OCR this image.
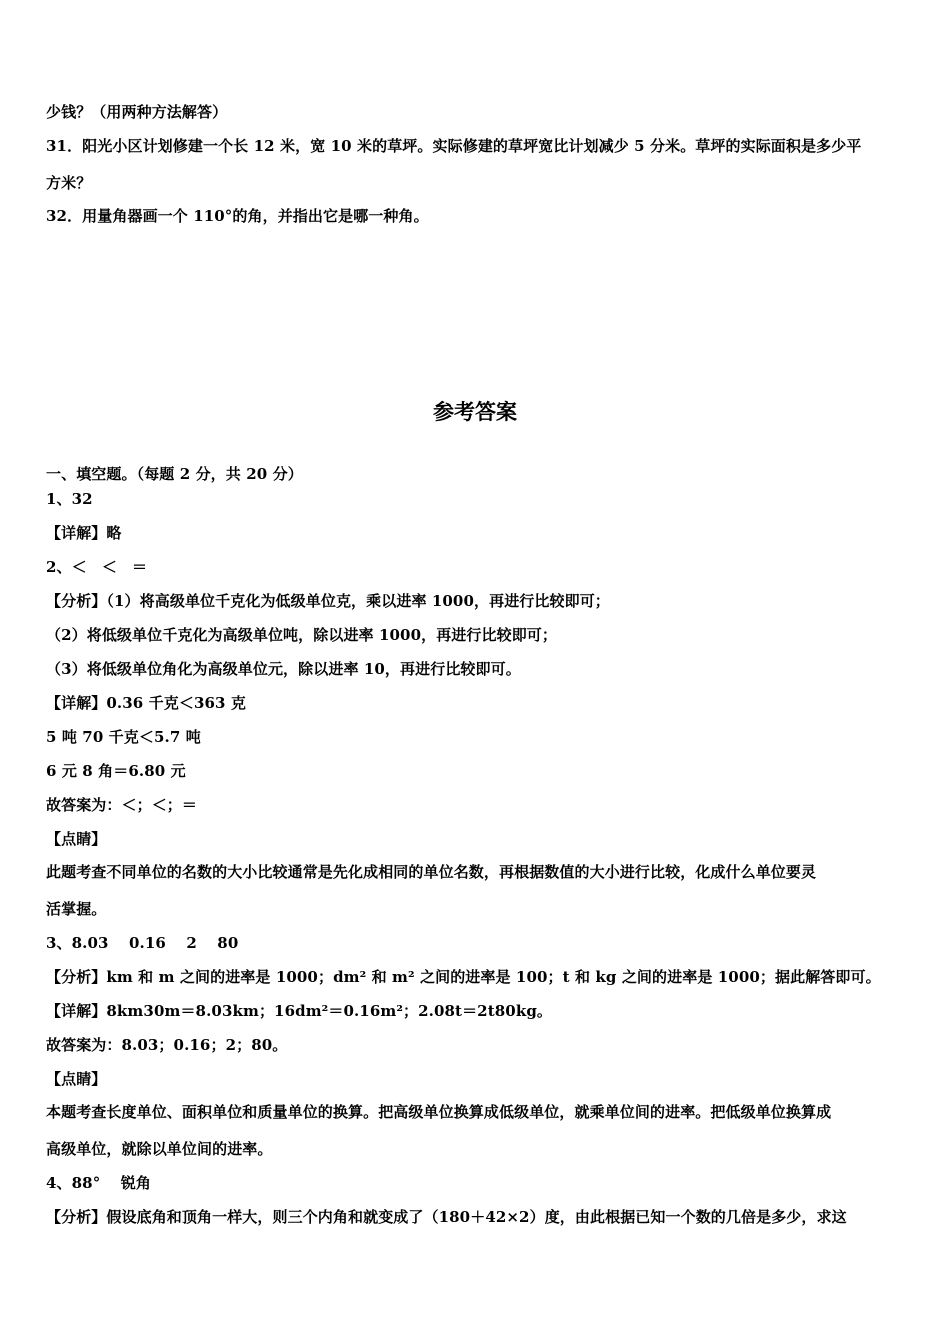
少钱？（用两种方法解答）
31．阳光小区计划修建一个长 12 米，宽 10 米的草坪。实际修建的草坪宽比计划减少 5 分米。草坪的实际面积是多少平
方米？
32．用量角器画一个 110°的角，并指出它是哪一种角。
参考答案
一、填空题。（每题 2 分，共 20 分）
1、32
【详解】略
2、＜　＜　＝
【分析】（1）将高级单位千克化为低级单位克，乘以进率 1000，再进行比较即可；
（2）将低级单位千克化为高级单位吨，除以进率 1000，再进行比较即可；
（3）将低级单位角化为高级单位元，除以进率 10，再进行比较即可。
【详解】0.36 千克＜363 克
5 吨 70 千克＜5.7 吨
6 元 8 角＝6.80 元
故答案为：＜；＜；＝
【点睛】
此题考查不同单位的名数的大小比较通常是先化成相同的单位名数，再根据数值的大小进行比较，化成什么单位要灵
活掌握。
3、8.03　 0.16　 2　 80
【分析】km 和 m 之间的进率是 1000；dm² 和 m² 之间的进率是 100；t 和 kg 之间的进率是 1000；据此解答即可。
【详解】8km30m＝8.03km；16dm²＝0.16m²；2.08t＝2t80kg。
故答案为：8.03；0.16；2；80。
【点睛】
本题考查长度单位、面积单位和质量单位的换算。把高级单位换算成低级单位，就乘单位间的进率。把低级单位换算成
高级单位，就除以单位间的进率。
4、88°　 锐角
【分析】假设底角和顶角一样大，则三个内角和就变成了（180＋42×2）度，由此根据已知一个数的几倍是多少，求这
